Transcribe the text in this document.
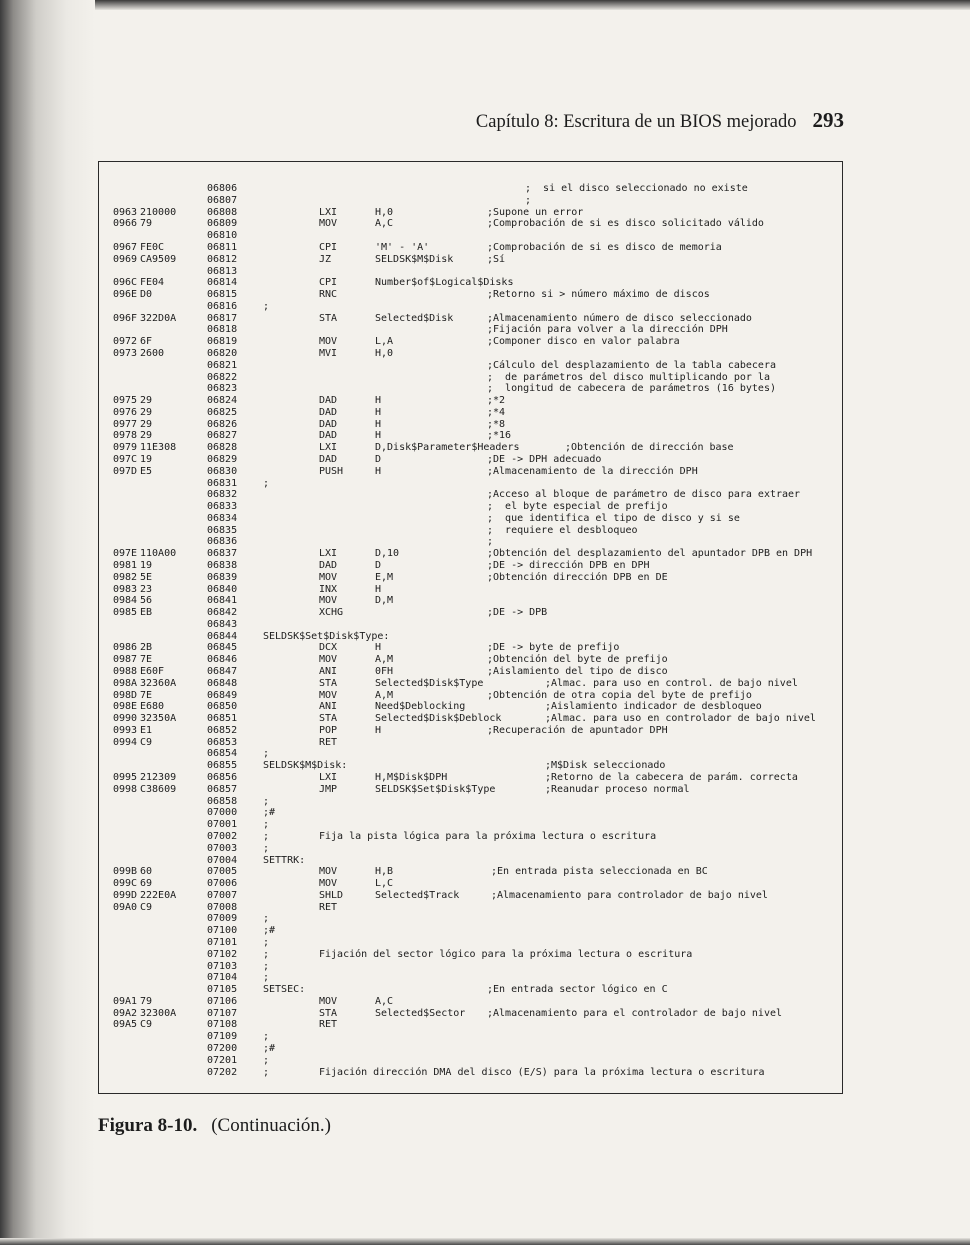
Capítulo 8: Escritura de un BIOS mejorado 293
06806	;  si el disco seleccionado no existe
06807	;
0963 210000	06808	LXI	H,0	;Supone un error
0966 79	06809	MOV	A,C	;Comprobación de si es disco solicitado válido
06810
0967 FE0C	06811	CPI	'M' - 'A'	;Comprobación de si es disco de memoria
0969 CA9509	06812	JZ	SELDSK$M$Disk	;Sí
06813
096C FE04	06814	CPI	Number$of$Logical$Disks
096E D0	06815	RNC	;Retorno si > número máximo de discos
06816	;
096F 322D0A	06817	STA	Selected$Disk	;Almacenamiento número de disco seleccionado
06818	;Fijación para volver a la dirección DPH
0972 6F	06819	MOV	L,A	;Componer disco en valor palabra
0973 2600	06820	MVI	H,0
06821	;Cálculo del desplazamiento de la tabla cabecera
06822	;  de parámetros del disco multiplicando por la
06823	;  longitud de cabecera de parámetros (16 bytes)
0975 29	06824	DAD	H	;*2
0976 29	06825	DAD	H	;*4
0977 29	06826	DAD	H	;*8
0978 29	06827	DAD	H	;*16
0979 11E308	06828	LXI	D,Disk$Parameter$Headers	;Obtención de dirección base
097C 19	06829	DAD	D	;DE -> DPH adecuado
097D E5	06830	PUSH	H	;Almacenamiento de la dirección DPH
06831	;
06832	;Acceso al bloque de parámetro de disco para extraer
06833	;  el byte especial de prefijo
06834	;  que identifica el tipo de disco y si se
06835	;  requiere el desbloqueo
06836	;
097E 110A00	06837	LXI	D,10	;Obtención del desplazamiento del apuntador DPB en DPH
0981 19	06838	DAD	D	;DE -> dirección DPB en DPH
0982 5E	06839	MOV	E,M	;Obtención dirección DPB en DE
0983 23	06840	INX	H
0984 56	06841	MOV	D,M
0985 EB	06842	XCHG	;DE -> DPB
06843
06844	SELDSK$Set$Disk$Type:
0986 2B	06845	DCX	H	;DE -> byte de prefijo
0987 7E	06846	MOV	A,M	;Obtención del byte de prefijo
0988 E60F	06847	ANI	0FH	;Aislamiento del tipo de disco
098A 32360A	06848	STA	Selected$Disk$Type	;Almac. para uso en control. de bajo nivel
098D 7E	06849	MOV	A,M	;Obtención de otra copia del byte de prefijo
098E E680	06850	ANI	Need$Deblocking	;Aislamiento indicador de desbloqueo
0990 32350A	06851	STA	Selected$Disk$Deblock	;Almac. para uso en controlador de bajo nivel
0993 E1	06852	POP	H	;Recuperación de apuntador DPH
0994 C9	06853	RET
06854	;
06855	SELDSK$M$Disk:	;M$Disk seleccionado
0995 212309	06856	LXI	H,M$Disk$DPH	;Retorno de la cabecera de parám. correcta
0998 C38609	06857	JMP	SELDSK$Set$Disk$Type	;Reanudar proceso normal
06858	;
07000	;#
07001	;
07002	;	Fija la pista lógica para la próxima lectura o escritura
07003	;
07004	SETTRK:
099B 60	07005	MOV	H,B	;En entrada pista seleccionada en BC
099C 69	07006	MOV	L,C
099D 222E0A	07007	SHLD	Selected$Track	;Almacenamiento para controlador de bajo nivel
09A0 C9	07008	RET
07009	;
07100	;#
07101	;
07102	;	Fijación del sector lógico para la próxima lectura o escritura
07103	;
07104	;
07105	SETSEC:	;En entrada sector lógico en C
09A1 79	07106	MOV	A,C
09A2 32300A	07107	STA	Selected$Sector ;Almacenamiento para el controlador de bajo nivel
09A5 C9	07108	RET
07109	;
07200	;#
07201	;
07202	;	Fijación dirección DMA del disco (E/S) para la próxima lectura o escritura
Figura 8-10. (Continuación.)
